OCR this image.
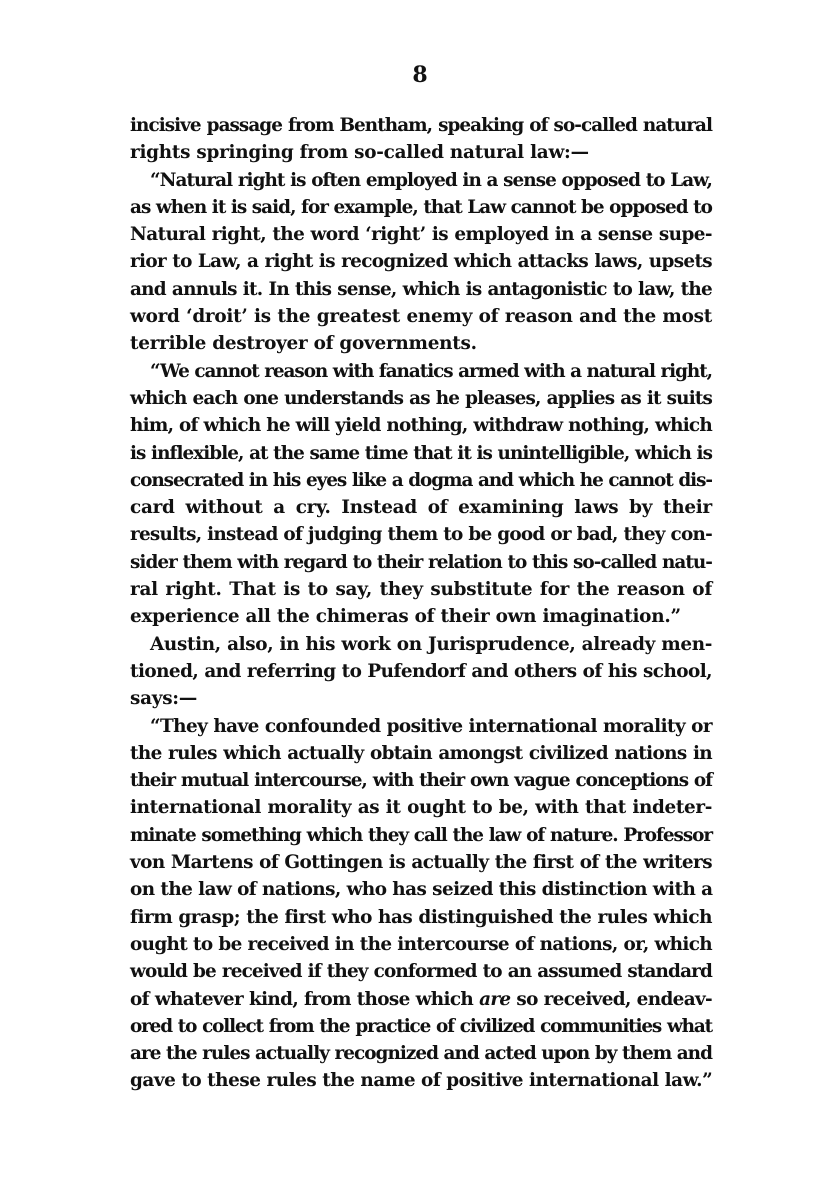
8
incisive passage from Bentham, speaking of so-called natural
rights springing from so-called natural law:—
“Natural right is often employed in a sense opposed to Law,
as when it is said, for example, that Law cannot be opposed to
Natural right, the word ‘right’ is employed in a sense supe-
rior to Law, a right is recognized which attacks laws, upsets
and annuls it. In this sense, which is antagonistic to law, the
word ‘droit’ is the greatest enemy of reason and the most
terrible destroyer of governments.
“We cannot reason with fanatics armed with a natural right,
which each one understands as he pleases, applies as it suits
him, of which he will yield nothing, withdraw nothing, which
is inflexible, at the same time that it is unintelligible, which is
consecrated in his eyes like a dogma and which he cannot dis-
card without a cry. Instead of examining laws by their
results, instead of judging them to be good or bad, they con-
sider them with regard to their relation to this so-called natu-
ral right. That is to say, they substitute for the reason of
experience all the chimeras of their own imagination.”
Austin, also, in his work on Jurisprudence, already men-
tioned, and referring to Pufendorf and others of his school,
says:—
“They have confounded positive international morality or
the rules which actually obtain amongst civilized nations in
their mutual intercourse, with their own vague conceptions of
international morality as it ought to be, with that indeter-
minate something which they call the law of nature. Professor
von Martens of Gottingen is actually the first of the writers
on the law of nations, who has seized this distinction with a
firm grasp; the first who has distinguished the rules which
ought to be received in the intercourse of nations, or, which
would be received if they conformed to an assumed standard
of whatever kind, from those which are so received, endeav-
ored to collect from the practice of civilized communities what
are the rules actually recognized and acted upon by them and
gave to these rules the name of positive international law.”
